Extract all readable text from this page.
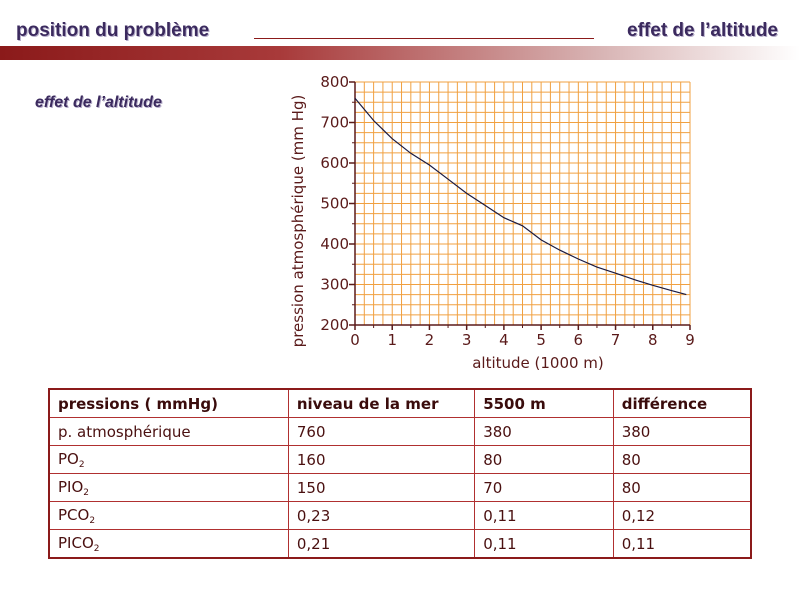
position du problème	effet de l’altitude
effet de l’altitude
200
300
400
500
600
700
800
0 1 2 3 4 5 6 7 8 9
altitude (1000 m)
pression atmosphérique (mm Hg)
pressions ( mmHg)	niveau de la mer	5500 m	différence
p. atmosphérique	760	380	380
$PO_2$	160	80	80
$PIO_2$	150	70	80
$PCO_2$	0,23	0,11	0,12
$PICO_2$	0,21	0,11	0,11
